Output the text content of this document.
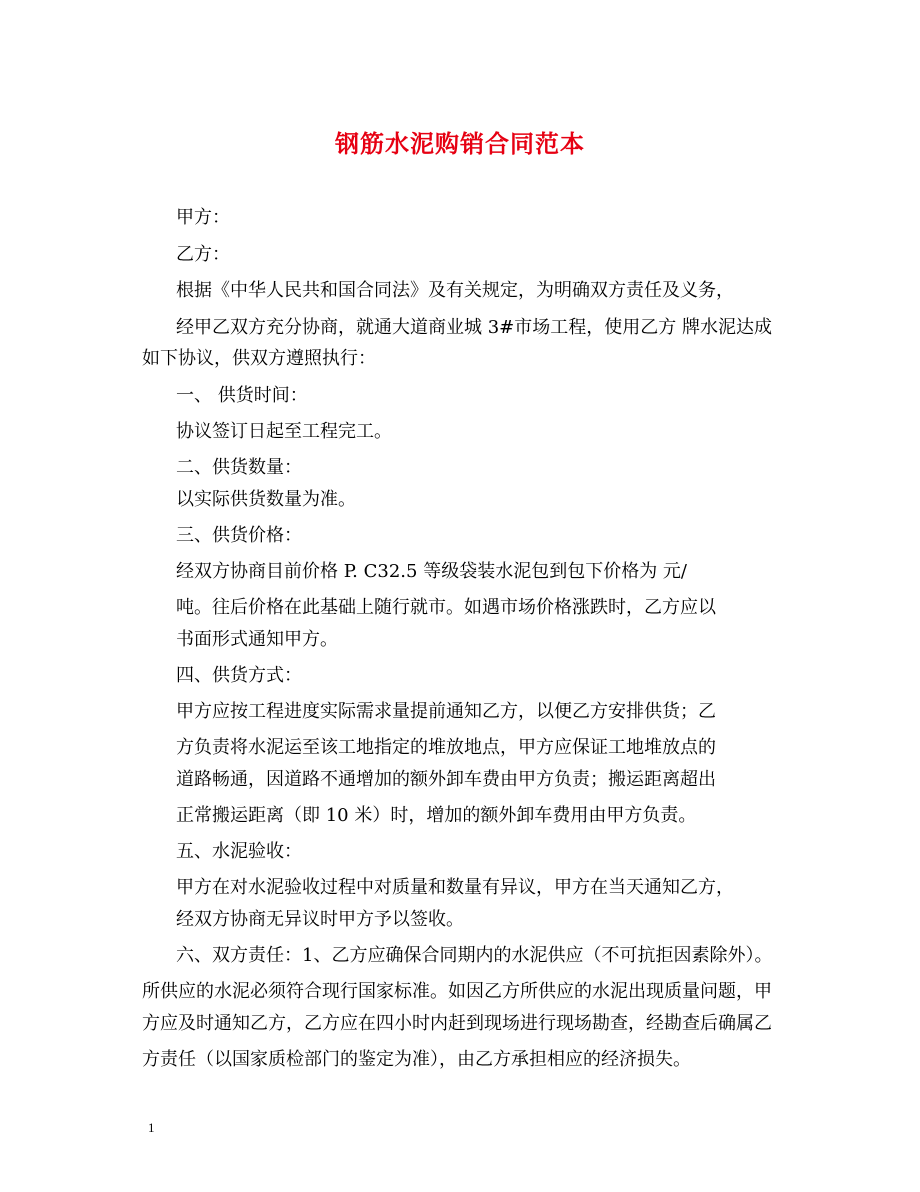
钢筋水泥购销合同范本
甲方：
乙方：
根据《中华人民共和国合同法》及有关规定，为明确双方责任及义务，
经甲乙双方充分协商，就通大道商业城 3#市场工程，使用乙方 牌水泥达成
如下协议，供双方遵照执行：
一、 供货时间：
协议签订日起至工程完工。
二、供货数量：
以实际供货数量为准。
三、供货价格：
经双方协商目前价格 P. C32.5 等级袋装水泥包到包下价格为 元/
吨。往后价格在此基础上随行就市。如遇市场价格涨跌时，乙方应以
书面形式通知甲方。
四、供货方式：
甲方应按工程进度实际需求量提前通知乙方，以便乙方安排供货；乙
方负责将水泥运至该工地指定的堆放地点，甲方应保证工地堆放点的
道路畅通，因道路不通增加的额外卸车费由甲方负责；搬运距离超出
正常搬运距离（即 10 米）时，增加的额外卸车费用由甲方负责。
五、水泥验收：
甲方在对水泥验收过程中对质量和数量有异议，甲方在当天通知乙方，
经双方协商无异议时甲方予以签收。
六、双方责任：1、乙方应确保合同期内的水泥供应（不可抗拒因素除外）。
所供应的水泥必须符合现行国家标准。如因乙方所供应的水泥出现质量问题，甲
方应及时通知乙方，乙方应在四小时内赶到现场进行现场勘查，经勘查后确属乙
方责任（以国家质检部门的鉴定为准），由乙方承担相应的经济损失。
1
